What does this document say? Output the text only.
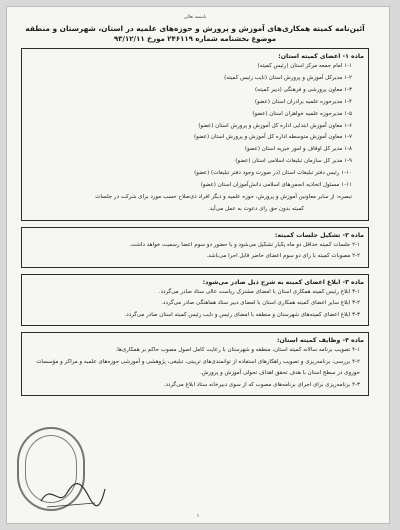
باسمه تعالی
آئین‌نامه کمیته همکاری‌های آموزش و پرورش و حوزه‌های علمیه در استان، شهرستان و منطقه
موضوع بخشنامه شماره ۲۴۶۱۱۹ مورخ ۹۳/۱۲/۱۱
ماده ۱- اعضای کمیته استان:
۱-۱ امام جمعه مرکز استان (رئیس کمیته)
۱-۲ مدیرکل آموزش و پرورش استان (نایب رئیس کمیته)
۱-۳ معاون پرورشی و فرهنگی (دبیر کمیته)
۱-۴ مدیرحوزه علمیه برادران استان (عضو)
۱-۵ مدیرحوزه علمیه خواهران استان (عضو)
۱-۶ معاون آموزش ابتدایی اداره کل آموزش و پرورش استان (عضو)
۱-۷ معاون آموزش متوسطه اداره کل آموزش و پرورش استان (عضو)
۱-۸ مدیر کل اوقاف و امور خیریه استان (عضو)
۱-۹ مدیر کل سازمان تبلیغات اسلامی استان (عضو)
۱-۱۰ رئیس دفتر تبلیغات استان (در صورت وجود دفتر تبلیغات) (عضو)
۱-۱۱ مسئول اتحادیه انجمن‌های اسلامی دانش‌آموزان استان (عضو)
تبصره: از سایر معاونین آموزش و پرورش، حوزه علمیه و دیگر افراد ذی‌صلاح حسب مورد برای شرکت در جلسات
کمیته بدون حق رای دعوت به عمل می‌آید.
ماده ۲- تشکیل جلسات کمیته:
۲-۱ جلسات کمیته حداقل دو ماه یکبار تشکیل می‌شود و با حضور دو سوم اعضا رسمیت خواهد داشت.
۲-۲ مصوبات کمیته با رای دو سوم اعضای حاضر قابل اجرا می‌باشد.
ماده ۳- ابلاغ اعضای کمیته به شرح ذیل صادر می‌شود:
۳-۱ ابلاغ رئیس کمیته همکاری استان با امضای مشترک ریاست عالی ستاد صادر می‌گردد.
۳-۲ ابلاغ سایر اعضای کمیته همکاری استان با امضای دبیر ستاد هماهنگی صادر می‌گردد.
۳-۳ ابلاغ اعضای کمیته‌های شهرستان و منطقه با امضای رئیس و نایب رئیس کمیته استان صادر می‌گردد.
ماده ۴- وظایف کمیته استان:
۴-۱ تصویب برنامه سالانه کمیته استان، منطقه و شهرستان با رعایت کامل اصول مصوب حاکم بر همکاری‌ها.
۴-۲ بررسی، برنامه‌ریزی و تصویب راهکارهای استفاده از توانمندی‌های تربیتی، تبلیغی، پژوهشی و آموزشی حوزه‌های علمیه و مراکز و مؤسسات حوزوی در سطح استان با هدف تحقق اهداف تحولی آموزش و پرورش.
۴-۳ برنامه‌ریزی برای اجرای برنامه‌های مصوب که از سوی دبیرخانه ستاد ابلاغ می‌گردد.
۱
